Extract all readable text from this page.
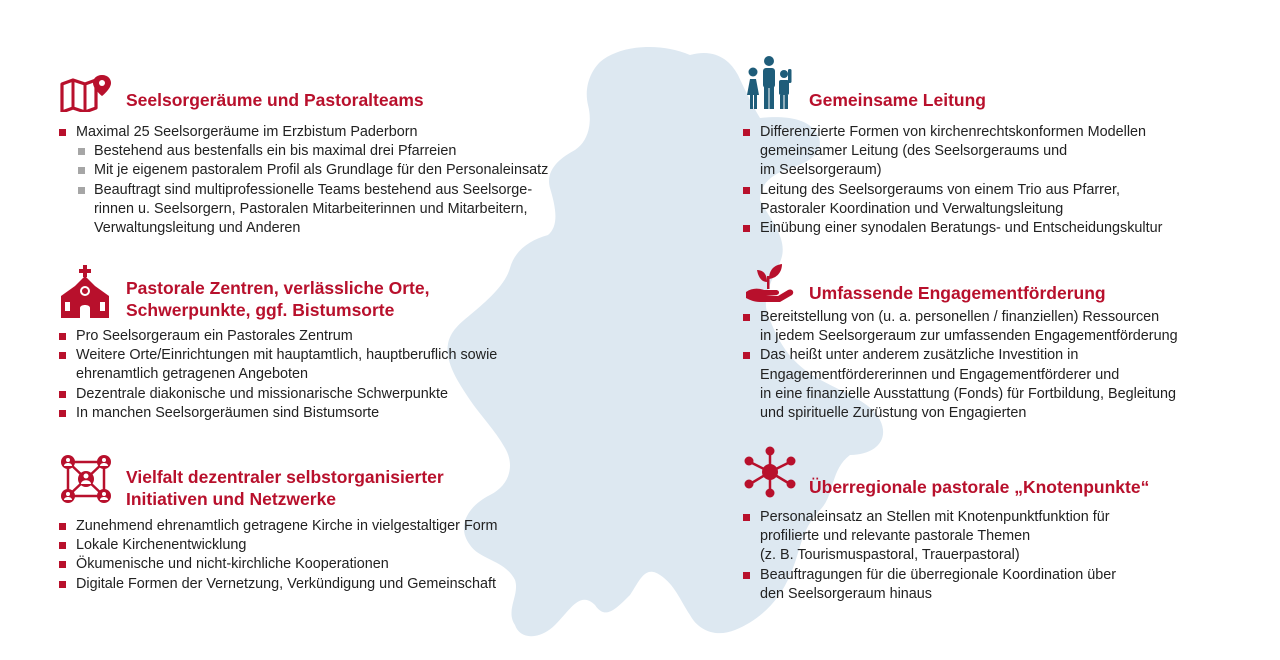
Seelsorgeräume und Pastoralteams
Maximal 25 Seelsorgeräume im Erzbistum Paderborn
Bestehend aus bestenfalls ein bis maximal drei Pfarreien
Mit je eigenem pastoralem Profil als Grundlage für den Personaleinsatz
Beauftragt sind multiprofessionelle Teams bestehend aus Seelsorge-
rinnen u. Seelsorgern, Pastoralen Mitarbeiterinnen und Mitarbeitern,
Verwaltungsleitung und Anderen
Pastorale Zentren, verlässliche Orte,
Schwerpunkte, ggf. Bistumsorte
Pro Seelsorgeraum ein Pastorales Zentrum
Weitere Orte/Einrichtungen mit hauptamtlich, hauptberuflich sowie
ehrenamtlich getragenen Angeboten
Dezentrale diakonische und missionarische Schwerpunkte
In manchen Seelsorgeräumen sind Bistumsorte
Vielfalt dezentraler selbstorganisierter
Initiativen und Netzwerke
Zunehmend ehrenamtlich getragene Kirche in vielgestaltiger Form
Lokale Kirchenentwicklung
Ökumenische und nicht-kirchliche Kooperationen
Digitale Formen der Vernetzung, Verkündigung und Gemeinschaft
Gemeinsame Leitung
Differenzierte Formen von kirchenrechtskonformen Modellen
gemeinsamer Leitung (des Seelsorgeraums und
im Seelsorgeraum)
Leitung des Seelsorgeraums von einem Trio aus Pfarrer,
Pastoraler Koordination und Verwaltungsleitung
Einübung einer synodalen Beratungs- und Entscheidungskultur
Umfassende Engagementförderung
Bereitstellung von (u. a. personellen / finanziellen) Ressourcen
in jedem Seelsorgeraum zur umfassenden Engagementförderung
Das heißt unter anderem zusätzliche Investition in
Engagementfördererinnen und Engagementförderer und
in eine finanzielle Ausstattung (Fonds) für Fortbildung, Begleitung
und spirituelle Zurüstung von Engagierten
Überregionale pastorale „Knotenpunkte“
Personaleinsatz an Stellen mit Knotenpunktfunktion für
profilierte und relevante pastorale Themen
(z. B. Tourismuspastoral, Trauerpastoral)
Beauftragungen für die überregionale Koordination über
den Seelsorgeraum hinaus
